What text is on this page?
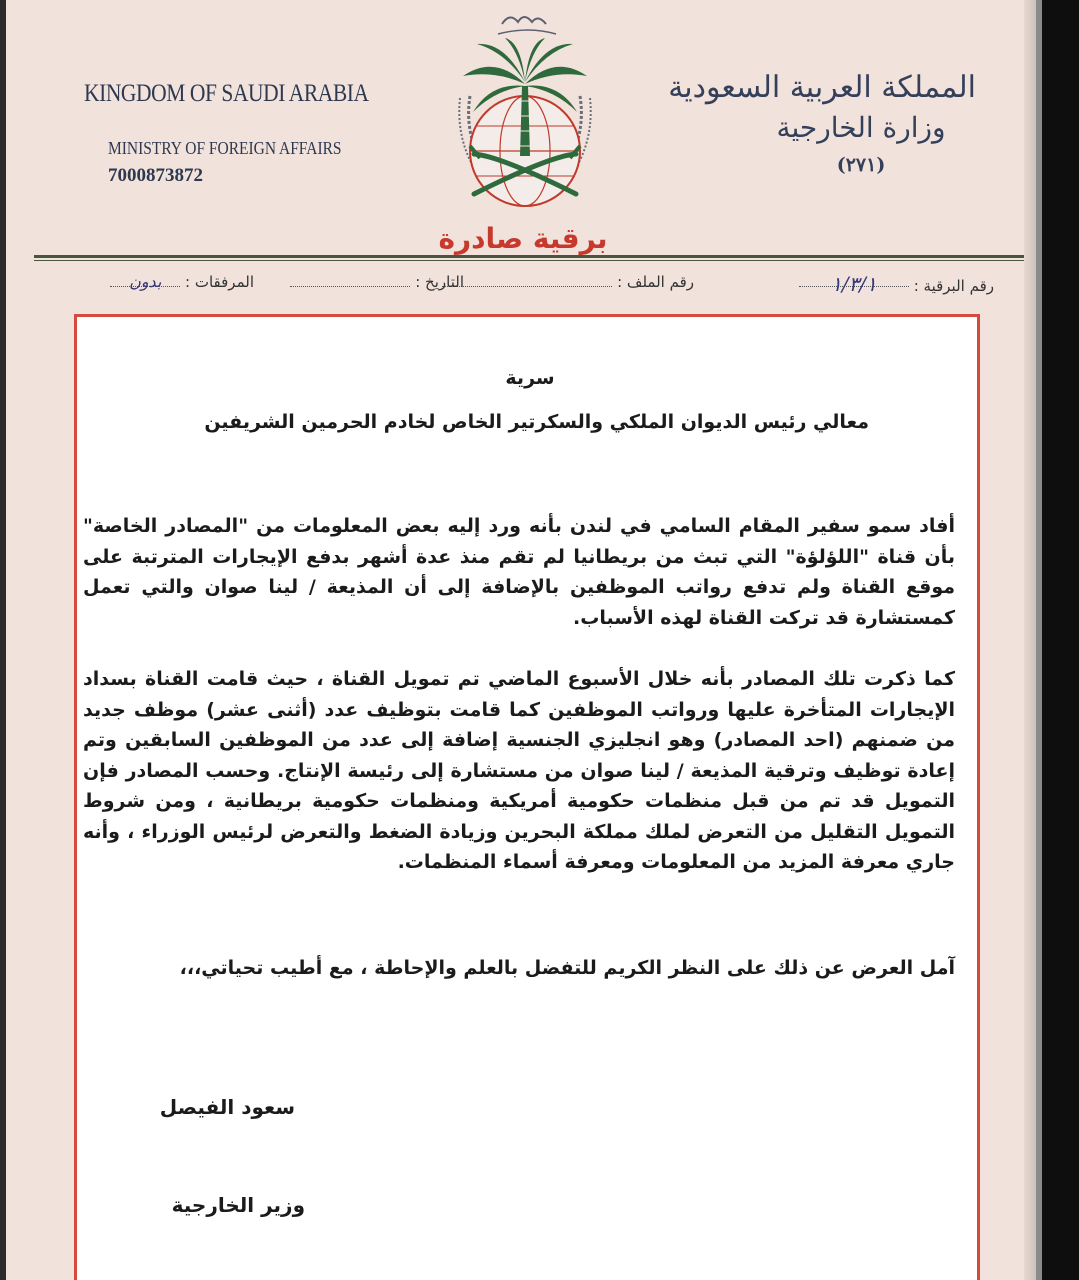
KINGDOM OF SAUDI ARABIA
MINISTRY OF FOREIGN AFFAIRS
7000873872
المملكة العربية السعودية
وزارة الخارجية
(٢٧١)
برقية صادرة
رقم البرقية : ١/٣/١
رقم الملف :
التاريخ :
المرفقات : بدون
سرية
معالي رئيس الديوان الملكي والسكرتير الخاص لخادم الحرمين الشريفين
أفاد سمو سفير المقام السامي في لندن بأنه ورد إليه بعض المعلومات من "المصادر الخاصة" بأن قناة "اللؤلؤة" التي تبث من بريطانيا لم تقم منذ عدة أشهر بدفع الإيجارات المترتبة على موقع القناة ولم تدفع رواتب الموظفين بالإضافة إلى أن المذيعة / لينا صوان والتي تعمل كمستشارة قد تركت القناة لهذه الأسباب.
كما ذكرت تلك المصادر بأنه خلال الأسبوع الماضي تم تمويل القناة ، حيث قامت القناة بسداد الإيجارات المتأخرة عليها ورواتب الموظفين كما قامت بتوظيف عدد (أثنى عشر) موظف جديد من ضمنهم (احد المصادر) وهو انجليزي الجنسية إضافة إلى عدد من الموظفين السابقين وتم إعادة توظيف وترقية المذيعة / لينا صوان من مستشارة إلى رئيسة الإنتاج. وحسب المصادر فإن التمويل قد تم من قبل منظمات حكومية أمريكية ومنظمات حكومية بريطانية ، ومن شروط التمويل التقليل من التعرض لملك مملكة البحرين وزيادة الضغط والتعرض لرئيس الوزراء ، وأنه جاري معرفة المزيد من المعلومات ومعرفة أسماء المنظمات.
آمل العرض عن ذلك على النظر الكريم للتفضل بالعلم والإحاطة ، مع أطيب تحياتي،،،
سعود الفيصل
وزير الخارجية
